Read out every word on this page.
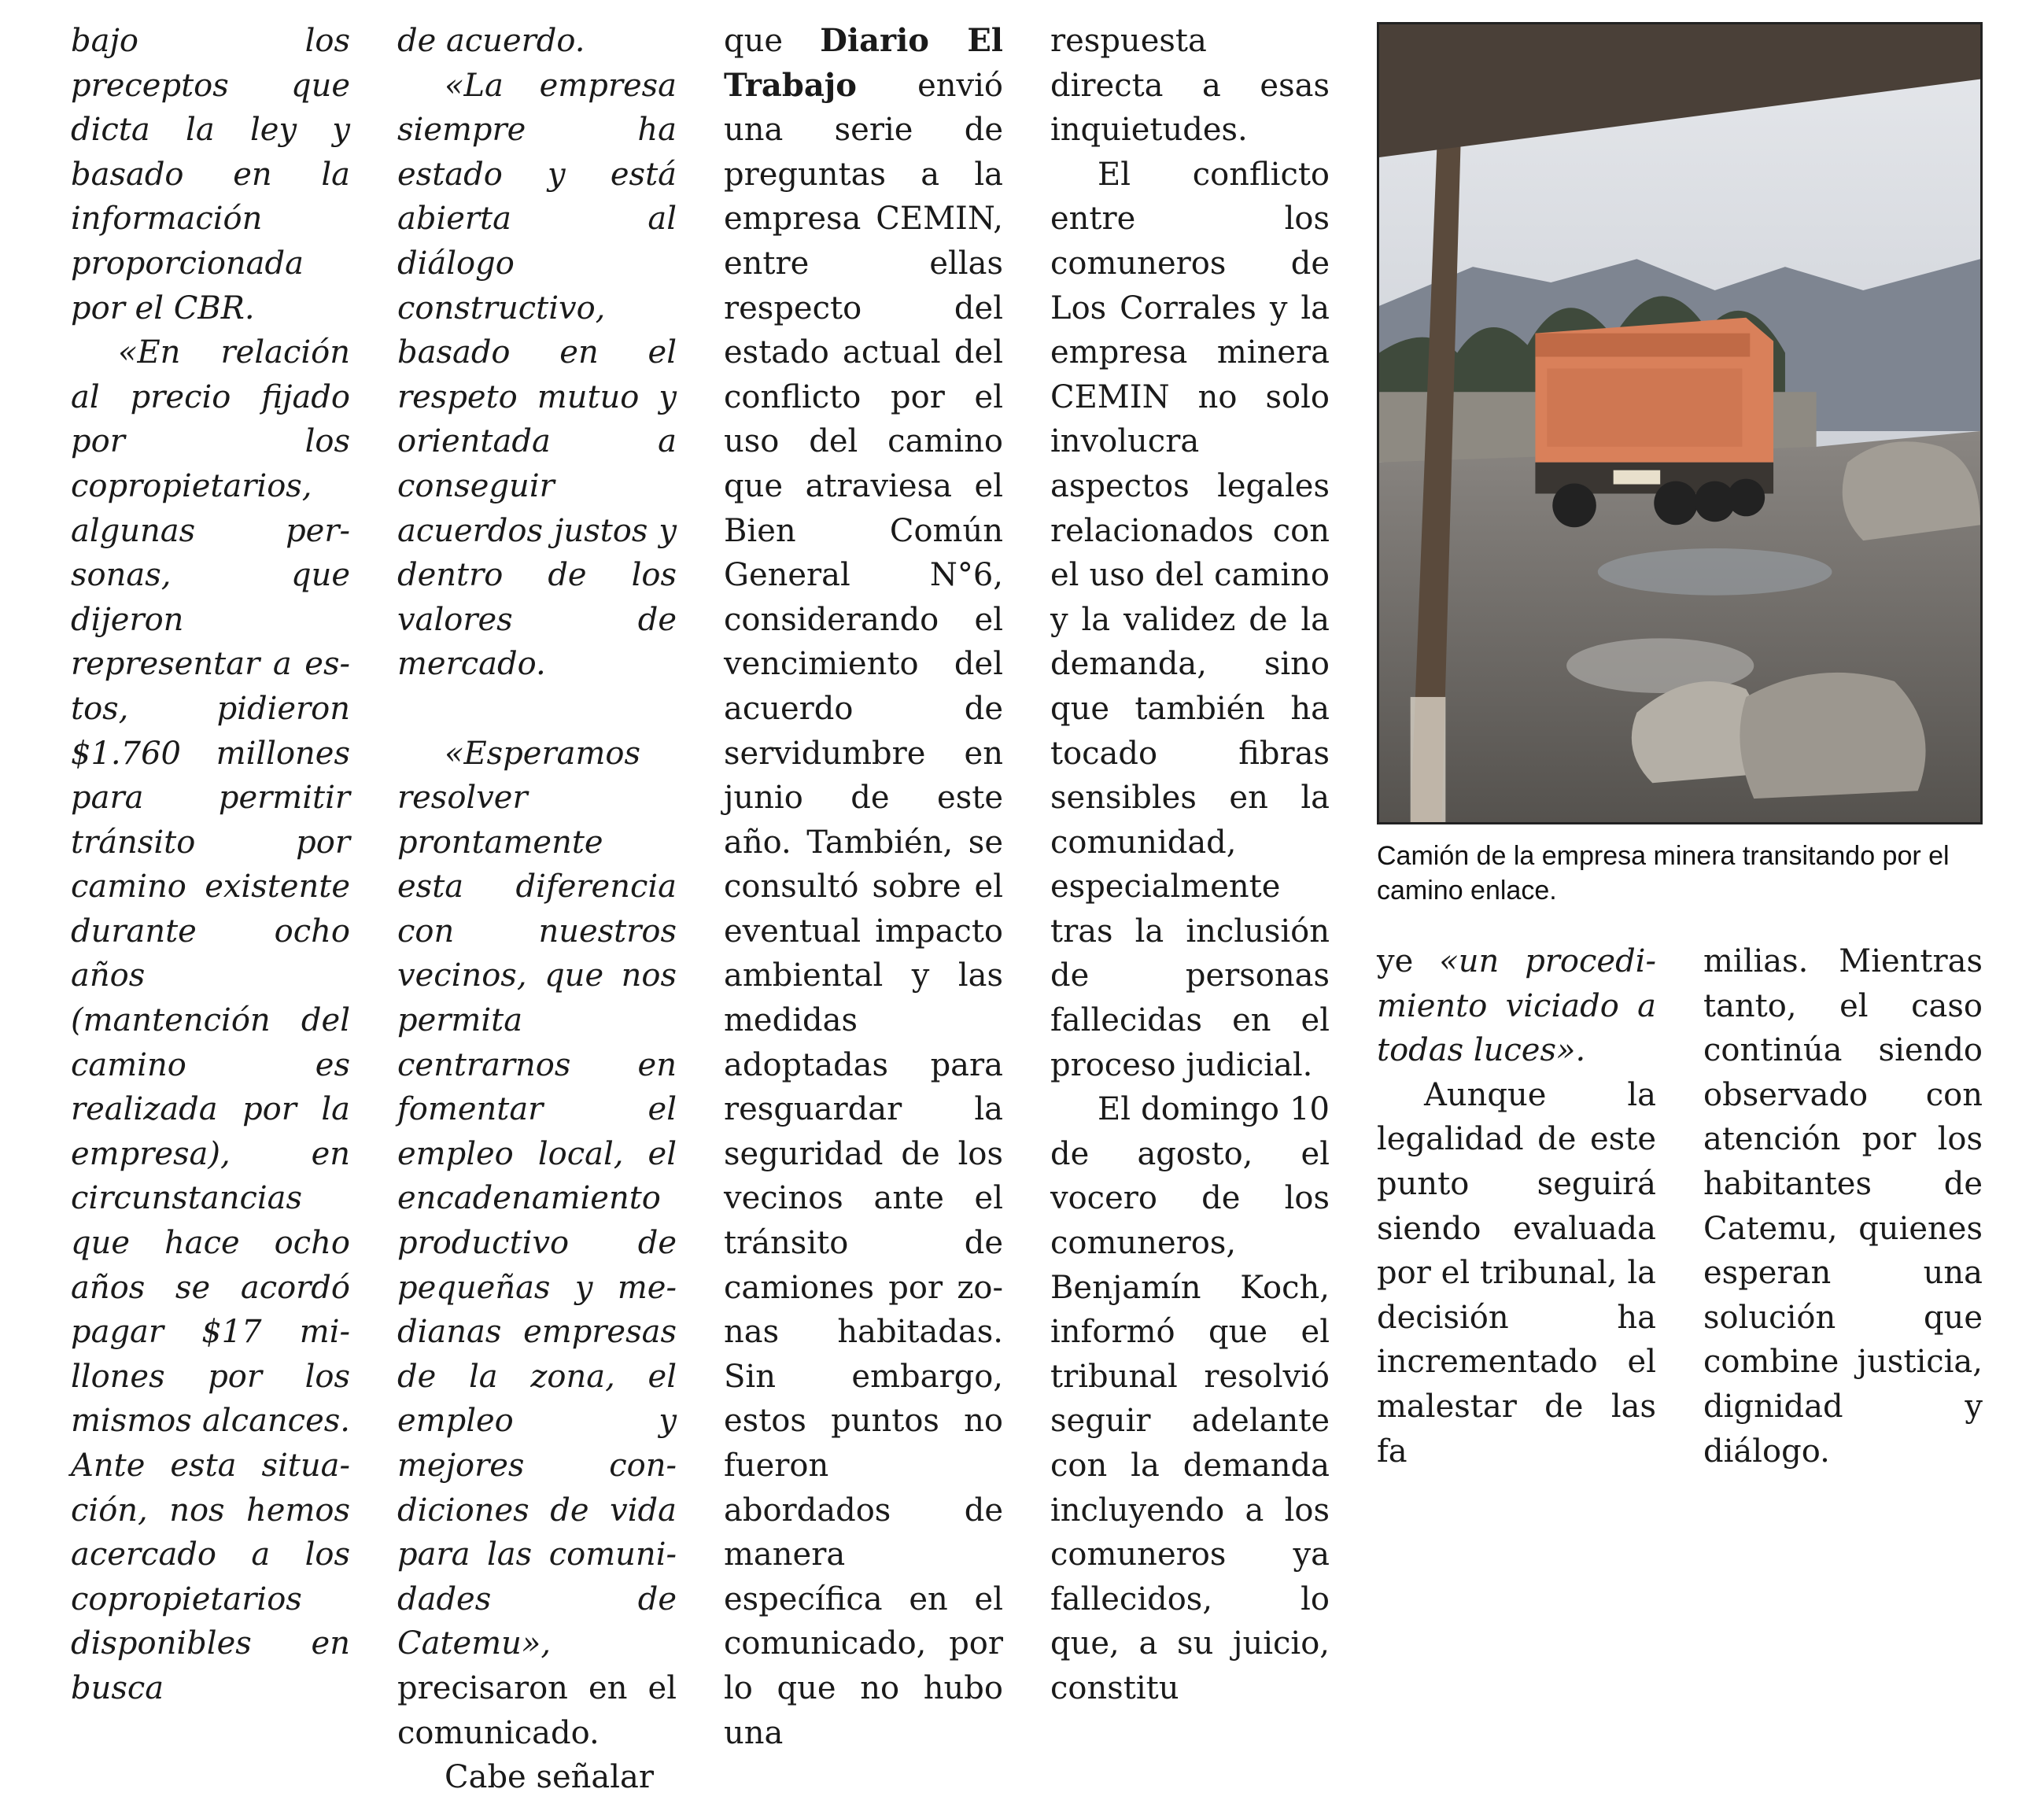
bajo los preceptos que dicta la ley y basado en la información proporcionada por el CBR.

«En relación al precio fijado por los copropietarios, algunas personas, que dijeron representar a estos, pidieron $1.760 millones para permitir tránsito por camino existente durante ocho años (mantención del camino es realizada por la empresa), en circunstancias que hace ocho años se acordó pagar $17 millones por los mismos alcances. Ante esta situación, nos hemos acercado a los copropietarios disponibles en busca

de acuerdo.

«La empresa siempre ha estado y está abierta al diálogo constructivo, basado en el respeto mutuo y orientada a conseguir acuerdos justos y dentro de los valores de mercado.

«Esperamos resolver prontamente esta diferencia con nuestros vecinos, que nos permita centrarnos en fomentar el empleo local, el encadenamiento productivo de pequeñas y medianas empresas de la zona, el empleo y mejores condiciones de vida para las comunidades de Catemu», precisaron en el comunicado.

Cabe señalar

que Diario El Trabajo envió una serie de preguntas a la empresa CEMIN, entre ellas respecto del estado actual del conflicto por el uso del camino que atraviesa el Bien Común General N°6, considerando el vencimiento del acuerdo de servidumbre en junio de este año. También, se consultó sobre el eventual impacto ambiental y las medidas adoptadas para resguardar la seguridad de los vecinos ante el tránsito de camiones por zonas habitadas. Sin embargo, estos puntos no fueron abordados de manera específica en el comunicado, por lo que no hubo una

respuesta directa a esas inquietudes.

El conflicto entre los comuneros de Los Corrales y la empresa minera CEMIN no solo involucra aspectos legales relacionados con el uso del camino y la validez de la demanda, sino que también ha tocado fibras sensibles en la comunidad, especialmente tras la inclusión de personas fallecidas en el proceso judicial.

El domingo 10 de agosto, el vocero de los comuneros, Benjamín Koch, informó que el tribunal resolvió seguir adelante con la demanda incluyendo a los comuneros ya fallecidos, lo que, a su juicio, constitu

Camión de la empresa minera transitando por el camino enlace.

ye «un procedimiento viciado a todas luces».

Aunque la legalidad de este punto seguirá siendo evaluada por el tribunal, la decisión ha incrementado el malestar de las fa

milias. Mientras tanto, el caso continúa siendo observado con atención por los habitantes de Catemu, quienes esperan una solución que combine justicia, dignidad y diálogo.
